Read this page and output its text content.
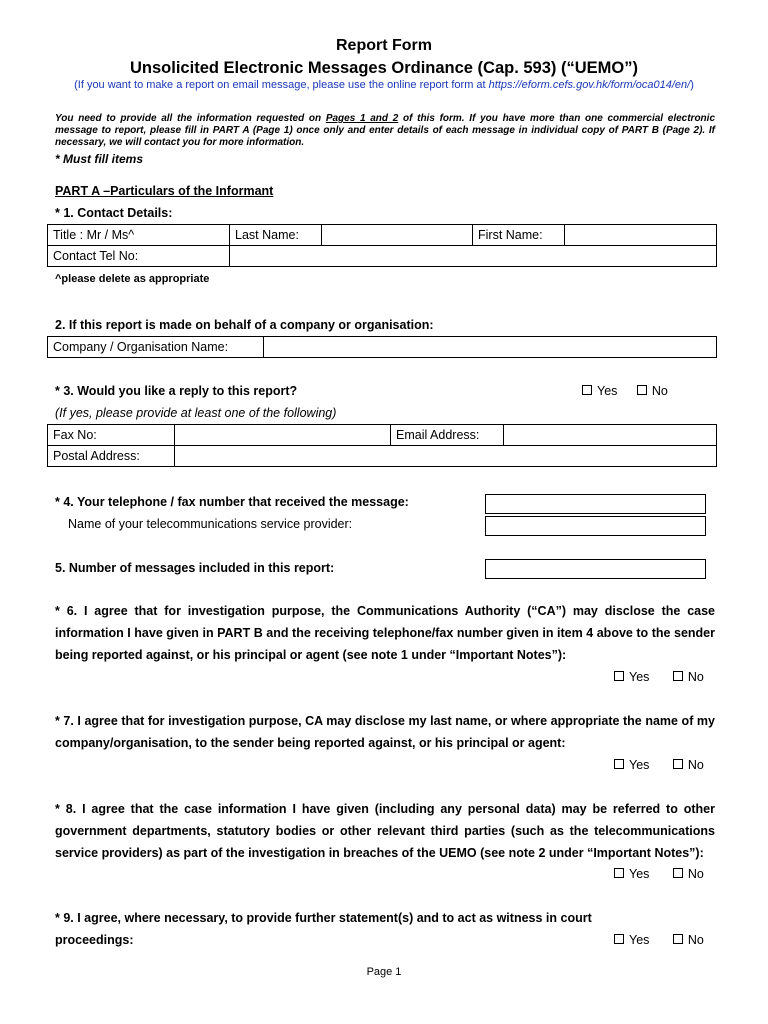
Report Form
Unsolicited Electronic Messages Ordinance (Cap. 593) (“UEMO”)
(If you want to make a report on email message, please use the online report form at https://eform.cefs.gov.hk/form/oca014/en/)
You need to provide all the information requested on Pages 1 and 2 of this form. If you have more than one commercial electronic message to report, please fill in PART A (Page 1) once only and enter details of each message in individual copy of PART B (Page 2). If necessary, we will contact you for more information.
* Must fill items
PART A –Particulars of the Informant
* 1. Contact Details:
Title : Mr / Ms^	Last Name:		First Name:	
Contact Tel No:				
^please delete as appropriate
2. If this report is made on behalf of a company or organisation:
Company / Organisation Name:	
* 3. Would you like a reply to this report?	Yes	No
(If yes, please provide at least one of the following)
Fax No:		Email Address:	
Postal Address:			
* 4. Your telephone / fax number that received the message:
Name of your telecommunications service provider:
5. Number of messages included in this report:
* 6. I agree that for investigation purpose, the Communications Authority (“CA”) may disclose the case information I have given in PART B and the receiving telephone/fax number given in item 4 above to the sender being reported against, or his principal or agent (see note 1 under “Important Notes”):
Yes	No
* 7. I agree that for investigation purpose, CA may disclose my last name, or where appropriate the name of my company/organisation, to the sender being reported against, or his principal or agent:
Yes	No
* 8. I agree that the case information I have given (including any personal data) may be referred to other government departments, statutory bodies or other relevant third parties (such as the telecommunications service providers) as part of the investigation in breaches of the UEMO (see note 2 under “Important Notes”):
Yes	No
* 9. I agree, where necessary, to provide further statement(s) and to act as witness in court proceedings:	Yes	No
Page 1
